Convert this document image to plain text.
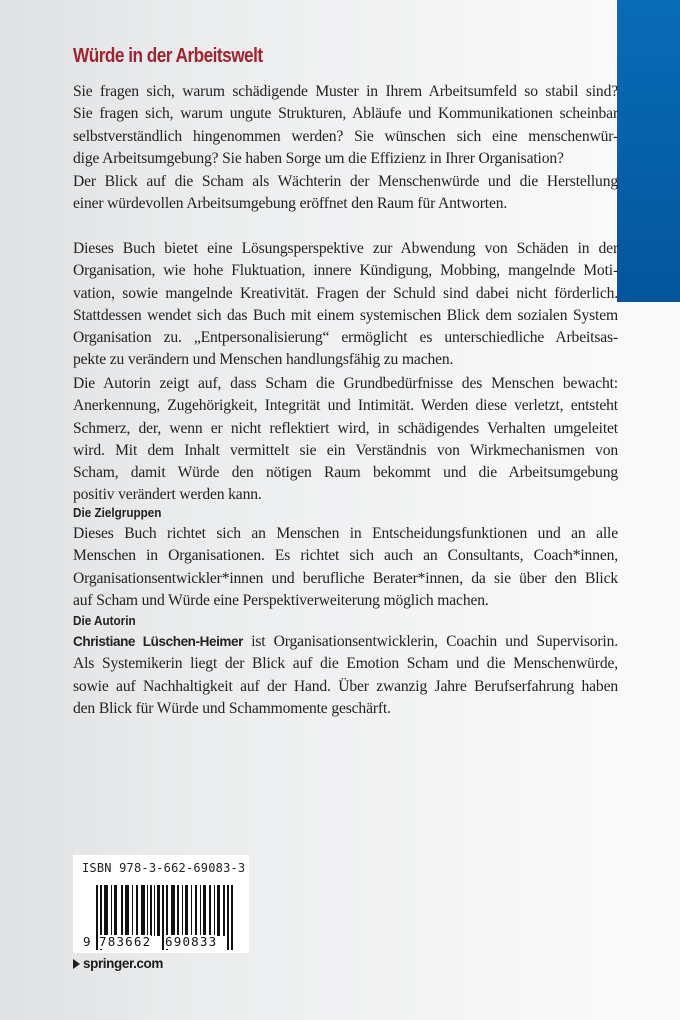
Würde in der Arbeitswelt
Sie fragen sich, warum schädigende Muster in Ihrem Arbeitsumfeld so stabil sind?
Sie fragen sich, warum ungute Strukturen, Abläufe und Kommunikationen scheinbar
selbstverständlich hingenommen werden? Sie wünschen sich eine menschenwür-
dige Arbeitsumgebung? Sie haben Sorge um die Effizienz in Ihrer Organisation?
Der Blick auf die Scham als Wächterin der Menschenwürde und die Herstellung
einer würdevollen Arbeitsumgebung eröffnet den Raum für Antworten.
Dieses Buch bietet eine Lösungsperspektive zur Abwendung von Schäden in der
Organisation, wie hohe Fluktuation, innere Kündigung, Mobbing, mangelnde Moti-
vation, sowie mangelnde Kreativität. Fragen der Schuld sind dabei nicht förderlich.
Stattdessen wendet sich das Buch mit einem systemischen Blick dem sozialen System
Organisation zu. „Entpersonalisierung“ ermöglicht es unterschiedliche Arbeitsas-
pekte zu verändern und Menschen handlungsfähig zu machen.
Die Autorin zeigt auf, dass Scham die Grundbedürfnisse des Menschen bewacht:
Anerkennung, Zugehörigkeit, Integrität und Intimität. Werden diese verletzt, entsteht
Schmerz, der, wenn er nicht reflektiert wird, in schädigendes Verhalten umgeleitet
wird. Mit dem Inhalt vermittelt sie ein Verständnis von Wirkmechanismen von
Scham, damit Würde den nötigen Raum bekommt und die Arbeitsumgebung
positiv verändert werden kann.
Die Zielgruppen
Dieses Buch richtet sich an Menschen in Entscheidungsfunktionen und an alle
Menschen in Organisationen. Es richtet sich auch an Consultants, Coach*innen,
Organisationsentwickler*innen und berufliche Berater*innen, da sie über den Blick
auf Scham und Würde eine Perspektiverweiterung möglich machen.
Die Autorin
Christiane Lüschen-Heimer ist Organisationsentwicklerin, Coachin und Supervisorin.
Als Systemikerin liegt der Blick auf die Emotion Scham und die Menschenwürde,
sowie auf Nachhaltigkeit auf der Hand. Über zwanzig Jahre Berufserfahrung haben
den Blick für Würde und Schammomente geschärft.
ISBN 978-3-662-69083-3
9 783662 690833
springer.com
